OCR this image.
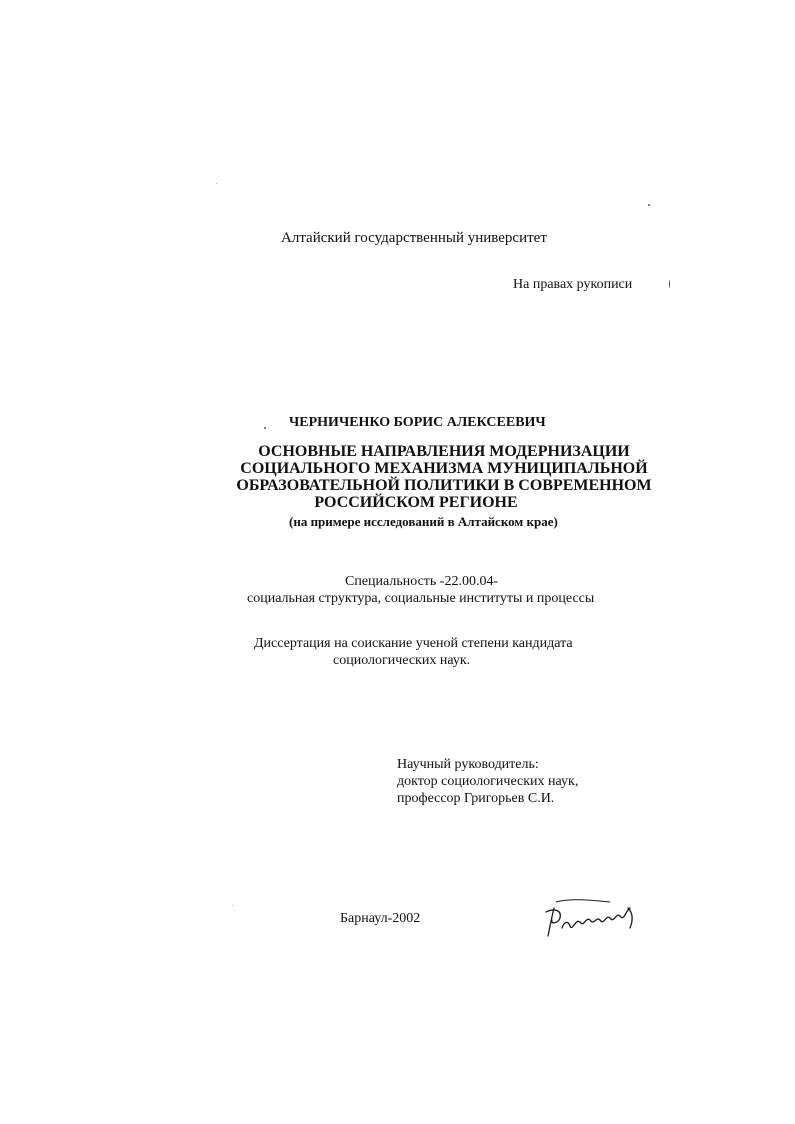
Алтайский государственный университет
На правах рукописи
ЧЕРНИЧЕНКО БОРИС АЛЕКСЕЕВИЧ
ОСНОВНЫЕ НАПРАВЛЕНИЯ МОДЕРНИЗАЦИИ
СОЦИАЛЬНОГО МЕХАНИЗМА МУНИЦИПАЛЬНОЙ
ОБРАЗОВАТЕЛЬНОЙ ПОЛИТИКИ В СОВРЕМЕННОМ
РОССИЙСКОМ РЕГИОНЕ
(на примере исследований в Алтайском крае)
Специальность -22.00.04-
социальная структура, социальные институты и процессы
Диссертация на соискание ученой степени кандидата
социологических наук.
Научный руководитель:
доктор социологических наук,
профессор Григорьев С.И.
Барнаул-2002
